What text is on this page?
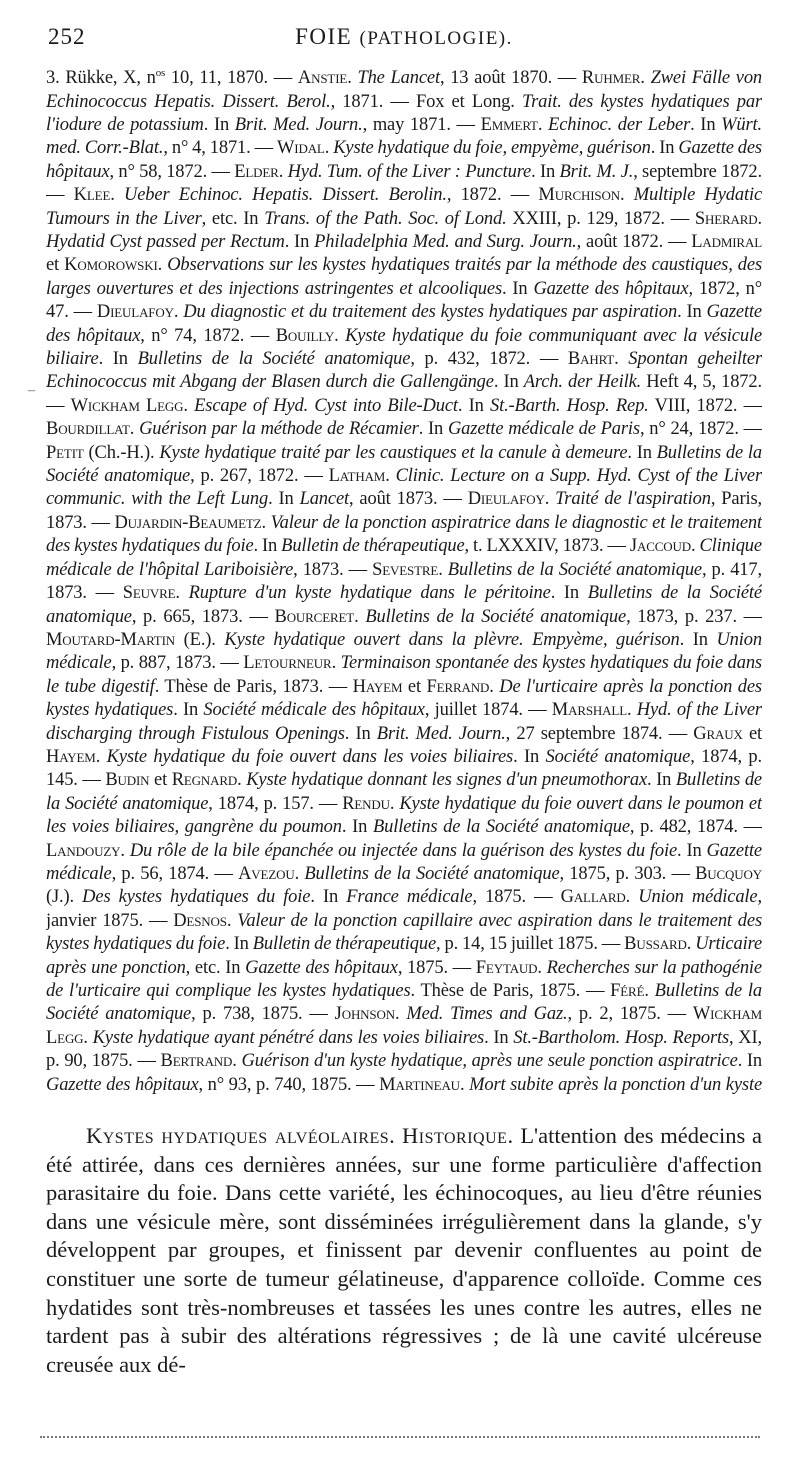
252	FOIE (PATHOLOGIE).
–

3. Rükke, X, $n^{os}$ 10, 11, 1870. — Anstie. The Lancet, 13 août 1870. — Ruhmer. Zwei Fälle von Echinococcus Hepatis. Dissert. Berol., 1871. — Fox et Long. Trait. des kystes hydatiques par l'iodure de potassium. In Brit. Med. Journ., may 1871. — Emmert. Echinoc. der Leber. In Würt. med. Corr.-Blat., n° 4, 1871. — Widal. Kyste hydatique du foie, empyème, guérison. In Gazette des hôpitaux, n° 58, 1872. — Elder. Hyd. Tum. of the Liver : Puncture. In Brit. M. J., septembre 1872. — Klee. Ueber Echinoc. Hepatis. Dissert. Berolin., 1872. — Murchison. Multiple Hydatic Tumours in the Liver, etc. In Trans. of the Path. Soc. of Lond. XXIII, p. 129, 1872. — Sherard. Hydatid Cyst passed per Rectum. In Philadelphia Med. and Surg. Journ., août 1872. — Ladmiral et Komorowski. Observations sur les kystes hydatiques traités par la méthode des caustiques, des larges ouvertures et des injections astringentes et alcooliques. In Gazette des hôpitaux, 1872, n° 47. — Dieulafoy. Du diagnostic et du traitement des kystes hydatiques par aspiration. In Gazette des hôpitaux, n° 74, 1872. — Bouilly. Kyste hydatique du foie communiquant avec la vésicule biliaire. In Bulletins de la Société anatomique, p. 432, 1872. — Bahrt. Spontan geheilter Echinococcus mit Abgang der Blasen durch die Gallengänge. In Arch. der Heilk. Heft 4, 5, 1872. — Wickham Legg. Escape of Hyd. Cyst into Bile-Duct. In St.-Barth. Hosp. Rep. VIII, 1872. — Bourdillat. Guérison par la méthode de Récamier. In Gazette médicale de Paris, n° 24, 1872. — Petit (Ch.-H.). Kyste hydatique traité par les caustiques et la canule à demeure. In Bulletins de la Société anatomique, p. 267, 1872. — Latham. Clinic. Lecture on a Supp. Hyd. Cyst of the Liver communic. with the Left Lung. In Lancet, août 1873. — Dieulafoy. Traité de l'aspiration, Paris, 1873. — Dujardin-Beaumetz. Valeur de la ponction aspiratrice dans le diagnostic et le traitement des kystes hydatiques du foie. In Bulletin de thérapeutique, t. LXXXIV, 1873. — Jaccoud. Clinique médicale de l'hôpital Lariboisière, 1873. — Sevestre. Bulletins de la Société anatomique, p. 417, 1873. — Seuvre. Rupture d'un kyste hydatique dans le péritoine. In Bulletins de la Société anatomique, p. 665, 1873. — Bourceret. Bulletins de la Société anatomique, 1873, p. 237. — Moutard-Martin (E.). Kyste hydatique ouvert dans la plèvre. Empyème, guérison. In Union médicale, p. 887, 1873. — Letourneur. Terminaison spontanée des kystes hydatiques du foie dans le tube digestif. Thèse de Paris, 1873. — Hayem et Ferrand. De l'urticaire après la ponction des kystes hydatiques. In Société médicale des hôpitaux, juillet 1874. — Marshall. Hyd. of the Liver discharging through Fistulous Openings. In Brit. Med. Journ., 27 septembre 1874. — Graux et Hayem. Kyste hydatique du foie ouvert dans les voies biliaires. In Société anatomique, 1874, p. 145. — Budin et Regnard. Kyste hydatique donnant les signes d'un pneumothorax. In Bulletins de la Société anatomique, 1874, p. 157. — Rendu. Kyste hydatique du foie ouvert dans le poumon et les voies biliaires, gangrène du poumon. In Bulletins de la Société anatomique, p. 482, 1874. — Landouzy. Du rôle de la bile épanchée ou injectée dans la guérison des kystes du foie. In Gazette médicale, p. 56, 1874. — Avezou. Bulletins de la Société anatomique, 1875, p. 303. — Bucquoy (J.). Des kystes hydatiques du foie. In France médicale, 1875. — Gallard. Union médicale, janvier 1875. — Desnos. Valeur de la ponction capillaire avec aspiration dans le traitement des kystes hydatiques du foie. In Bulletin de thérapeutique, p. 14, 15 juillet 1875. — Bussard. Urticaire après une ponction, etc. In Gazette des hôpitaux, 1875. — Feytaud. Recherches sur la pathogénie de l'urticaire qui complique les kystes hydatiques. Thèse de Paris, 1875. — Féré. Bulletins de la Société anatomique, p. 738, 1875. — Johnson. Med. Times and Gaz., p. 2, 1875. — Wickham Legg. Kyste hydatique ayant pénétré dans les voies biliaires. In St.-Bartholom. Hosp. Reports, XI, p. 90, 1875. — Bertrand. Guérison d'un kyste hydatique, après une seule ponction aspiratrice. In Gazette des hôpitaux, n° 93, p. 740, 1875. — Martineau. Mort subite après la ponction d'un kyste

Kystes hydatiques alvéolaires. Historique. L'attention des médecins a été attirée, dans ces dernières années, sur une forme particulière d'affection parasitaire du foie. Dans cette variété, les échinocoques, au lieu d'être réunies dans une vésicule mère, sont disséminées irrégulièrement dans la glande, s'y développent par groupes, et finissent par devenir confluentes au point de constituer une sorte de tumeur gélatineuse, d'apparence colloïde. Comme ces hydatides sont très-nombreuses et tassées les unes contre les autres, elles ne tardent pas à subir des altérations régressives ; de là une cavité ulcéreuse creusée aux dé-
